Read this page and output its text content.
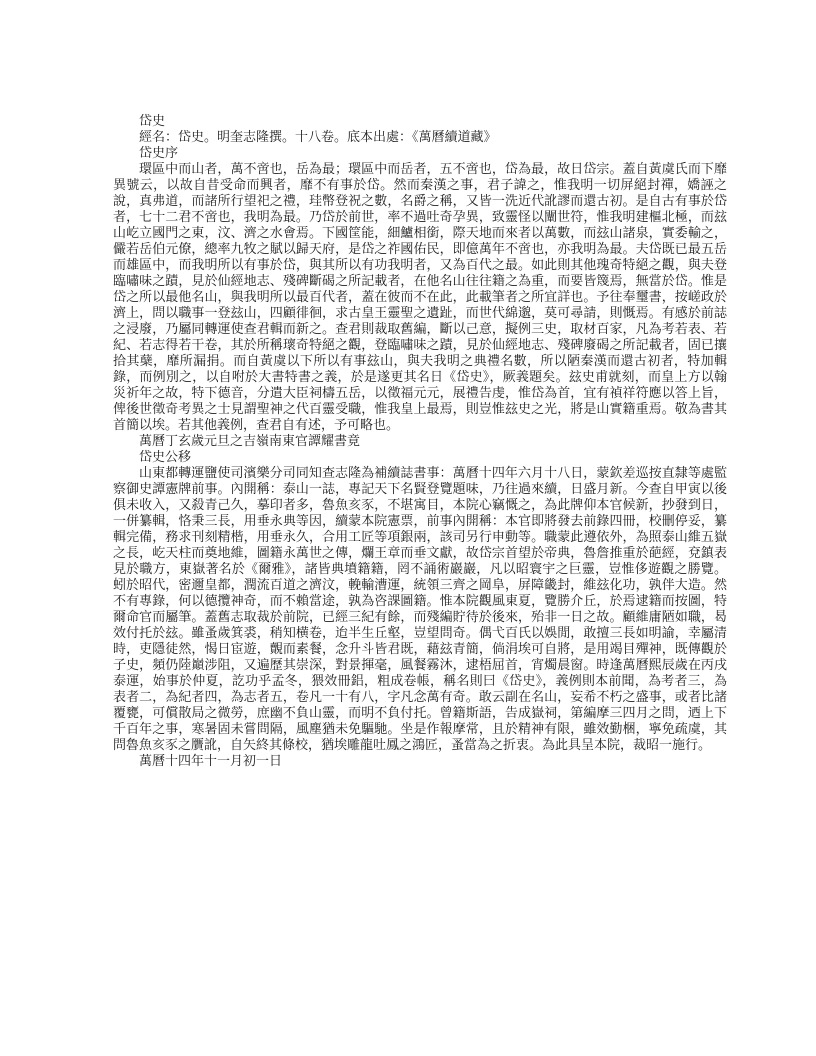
岱史

經名：岱史。明奎志隆撰。十八卷。底本出處：《萬曆續道藏》

岱史序

環區中而山者，萬不啻也，岳為最；環區中而岳者，五不啻也，岱為最，故日岱宗。蓋自黃虞氏而下靡異號云，以故自昔受命而興者，靡不有事於岱。然而秦漢之事，君子諱之，惟我明一切屏絕封禪，嬌誣之說，真弗道，而諸所行望祀之禮，珪幣登祝之數，名爵之稱，又皆一洗近代訛謬而還古初。是自古有事於岱者，七十二君不啻也，我明為最。乃岱於前世，率不過吐奇孕異，致靈怪以闡世符，惟我明建樞北極，而玆山屹立國門之東，汶、濟之水會焉。下國筐能，細鱸相銜，際天地而來者以萬數，而玆山諸泉，實委輸之，儼若岳伯元僚，總率九牧之賦以歸天府，是岱之祚國佑民，即億萬年不啻也，亦我明為最。夫岱既已最五岳而雄區中，而我明所以有事於岱，與其所以有功我明者，又為百代之最。如此則其他瑰奇特絕之觀，與夫登臨嘯味之蹟，見於仙經地志、殘碑斷碣之所記載者，在他名山往往籍之為重，而要皆篾焉，無當於岱。惟是岱之所以最他名山，與我明所以最百代者，蓋在彼而不在此，此載筆者之所宜詳也。予往奉璽書，按嵯政於濟上，問以職事一登玆山，四顧徘徊，求古皇王靈聖之遺趾，而世代綿邈，莫可尋請，則慨焉。有感於前誌之浸廢，乃屬同轉運使查君輯而新之。查君則裁取舊編，斷以己意，擬例三史，取材百家，凡為考若表、若紀、若志得若干卷，其於所稱瓌奇特絕之觀，登臨嘯味之蹟，見於仙經地志、殘碑廢碣之所記載者，固已攘拾其蘖，靡所漏捐。而自黃虞以下所以有事玆山，與夫我明之典禮名數，所以陋秦漢而還古初者，特加輯錄，而例別之，以自咐於大書特書之義，於是遂更其名日《岱史》，厥義題矣。玆史甫就刻，而皇上方以翰災祈年之故，特下德音，分遣大臣祠檮五岳，以徵福元元，展禮告虔，惟岱為首，宜有禎祥符應以答上旨，俾後世徵奇考異之士見謂聖神之代百靈受職，惟我皇上最焉，則豈惟玆史之光，將是山實籍重焉。敬為書其首簡以埃。若其他義例，查君自有述，予可略也。

萬曆丁玄歲元旦之吉嶺南東官譚耀書竟

岱史公移

山東都轉運鹽使司濱樂分司同知查志隆為補續誌書事：萬曆十四年六月十八日，蒙欽差巡按直隸等處監察御史譚憲牌前事。內開稱：泰山一誌，專記天下名賢登覽題味，乃往過來續，日盛月新。今查自甲寅以後俱未收入，又殺青己久，摹印者多，魯魚亥豕，不堪寓目，本院心竊慨之，為此牌仰本官候新，抄發到日，一併纂輯，恪秉三長，用垂永典等因，續蒙本院憲票，前事內開稱：本官即將發去前錄四冊，校刪停妥，纂輯完備，務求刊刻精楷，用垂永久，合用工匠等項銀兩，該司另行申動等。職蒙此遵依外，為照泰山維五嶽之長，屹天柱而奠地維，圖籍永萬世之傳，爛王章而垂文獻，故岱宗首望於帝典，魯詹推重於葩經，兗鎮表見於職方，東嶽著名於《爾雅》，諸皆典墳籍籍，罔不誦術巖巖，凡以昭寰宇之巨靈，豈惟侈遊觀之勝覽。蚓於昭代，密邇皇都，潤流百道之濟汶，輓輸漕運，統領三齊之岡阜，屏障畿封，維玆化功，孰伴大造。然不有專錄，何以德攬神奇，而不賴當途，孰為咨課圖籍。惟本院觀風東夏，覽勝介丘，於焉逮籍而按圖，特爾命官而屬筆。蓋舊志取裁於前院，已經三紀有餘，而殘編貯待於後來，殆非一日之故。顧維庸陋如職，曷效付托於玆。雖蚤歲箕裘，稍知横卷，迨半生丘壑，豈望問奇。偶弋百氏以娛閒，敢擅三長如明諭，幸屬清時，吏隱徒然，愒日宦遊，覿而素餐，念升斗皆君既，藉玆青簡，倘涓埃可自將，是用竭目殫神，既傳觀於子史，頻仍陸巔涉阻，又遍歷其崇深，對景揮毫，風餐霧沐，逮梧屈首，宵燭晨窗。時逢萬曆熙辰歲在丙戌泰運，始事於仲夏，訖功乎孟冬，猥效冊鋁，粗成卷帳，稱名則曰《岱史》，義例則本前聞，為考者三，為表者二，為紀者四，為志者五，卷凡一十有八，字凡念萬有奇。敢云副在名山，妄希不朽之盛事，或者比諸覆甕，可償散局之微勞，庶幽不負山靈，而明不負付托。曾籍斯語，告成嶽祠，第編摩三四月之問，迺上下千百年之事，寒暑固未嘗問隔，風塵猶未免驅馳。坐是作報摩常，且於精神有限，雖效勤梱，寧免疏虞，其問魯魚亥豕之贋訛，自矢終其條校，猶埃雕龍吐鳳之鴻匠，蚤當為之折衷。為此具呈本院，裁昭一施行。

萬曆十四年十一月初一日
